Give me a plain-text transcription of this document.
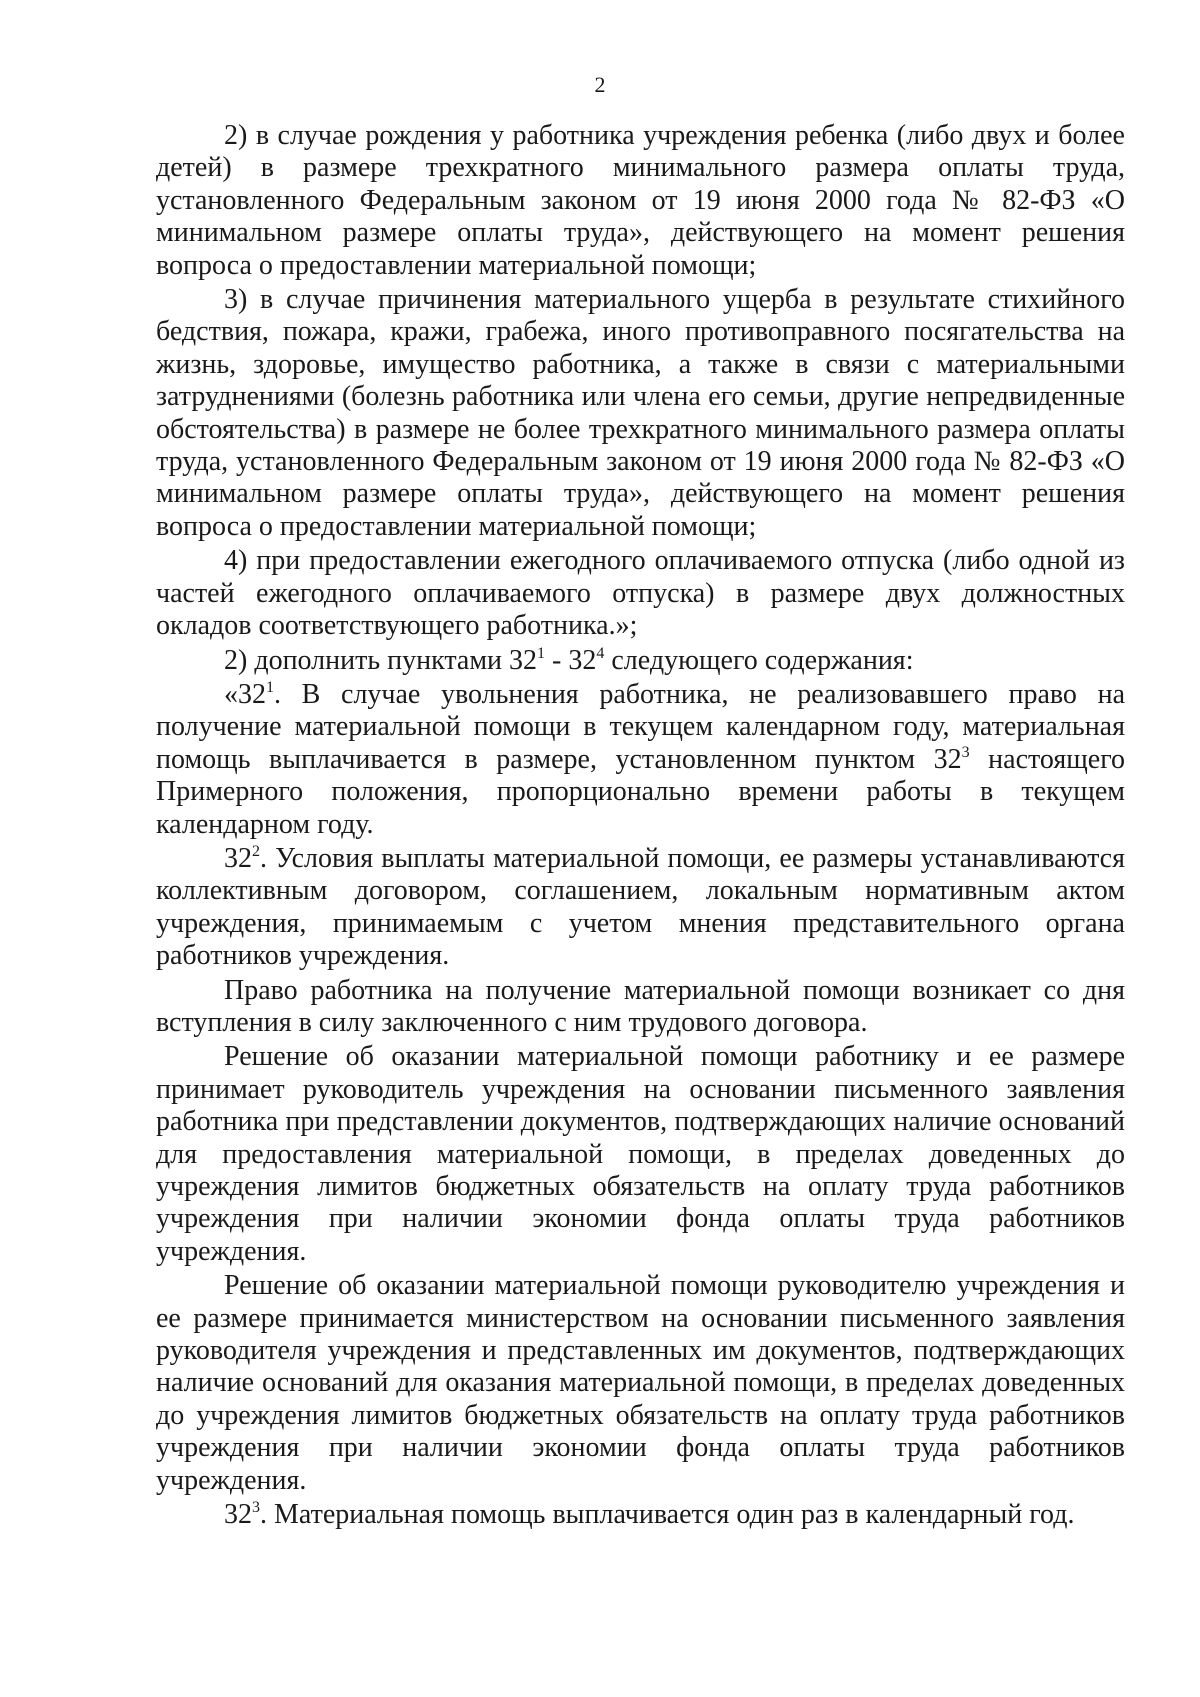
2

2) в случае рождения у работника учреждения ребенка (либо двух и более детей) в размере трехкратного минимального размера оплаты труда, установленного Федеральным законом от 19 июня 2000 года № 82-ФЗ «О минимальном размере оплаты труда», действующего на момент решения вопроса о предоставлении материальной помощи;

3) в случае причинения материального ущерба в результате стихийного бедствия, пожара, кражи, грабежа, иного противоправного посягательства на жизнь, здоровье, имущество работника, а также в связи с материальными затруднениями (болезнь работника или члена его семьи, другие непредвиденные обстоятельства) в размере не более трехкратного минимального размера оплаты труда, установленного Федеральным законом от 19 июня 2000 года № 82-ФЗ «О минимальном размере оплаты труда», действующего на момент решения вопроса о предоставлении материальной помощи;

4) при предоставлении ежегодного оплачиваемого отпуска (либо одной из частей ежегодного оплачиваемого отпуска) в размере двух должностных окладов соответствующего работника.»;

2) дополнить пунктами $32^1 - 32^4$ следующего содержания:

«$32^1$. В случае увольнения работника, не реализовавшего право на получение материальной помощи в текущем календарном году, материальная помощь выплачивается в размере, установленном пунктом $32^3$ настоящего Примерного положения, пропорционально времени работы в текущем календарном году.

$32^2$. Условия выплаты материальной помощи, ее размеры устанавливаются коллективным договором, соглашением, локальным нормативным актом учреждения, принимаемым с учетом мнения представительного органа работников учреждения.

Право работника на получение материальной помощи возникает со дня вступления в силу заключенного с ним трудового договора.

Решение об оказании материальной помощи работнику и ее размере принимает руководитель учреждения на основании письменного заявления работника при представлении документов, подтверждающих наличие оснований для предоставления материальной помощи, в пределах доведенных до учреждения лимитов бюджетных обязательств на оплату труда работников учреждения при наличии экономии фонда оплаты труда работников учреждения.

Решение об оказании материальной помощи руководителю учреждения и ее размере принимается министерством на основании письменного заявления руководителя учреждения и представленных им документов, подтверждающих наличие оснований для оказания материальной помощи, в пределах доведенных до учреждения лимитов бюджетных обязательств на оплату труда работников учреждения при наличии экономии фонда оплаты труда работников учреждения.

$32^3$. Материальная помощь выплачивается один раз в календарный год.
